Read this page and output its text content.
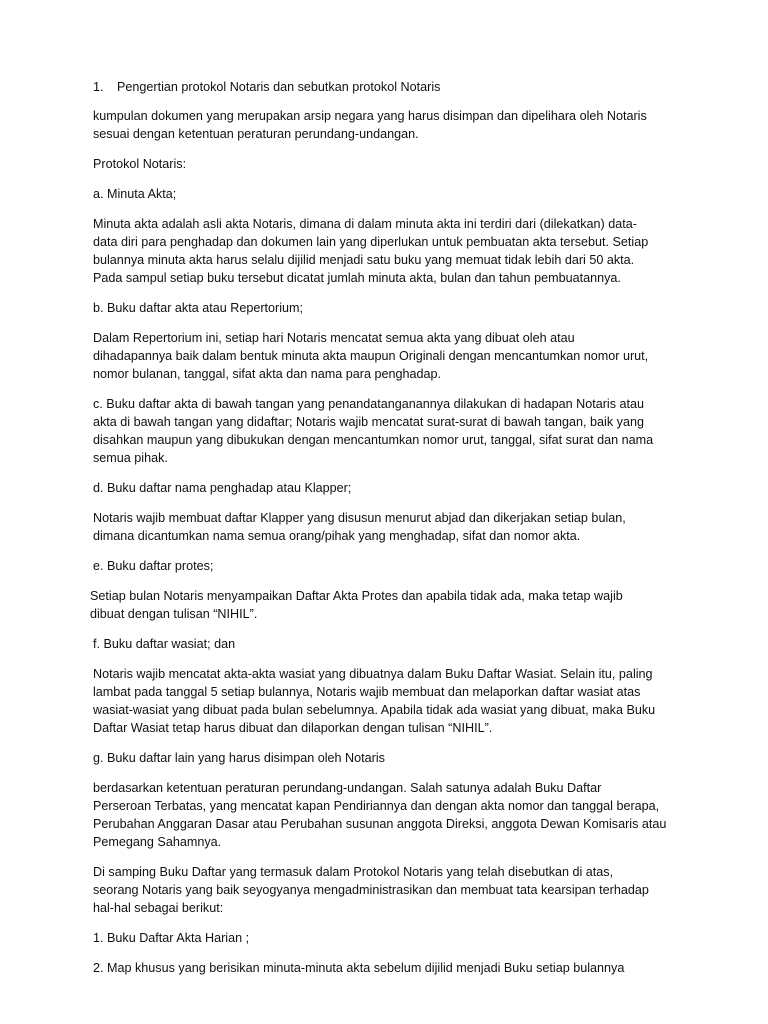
1. Pengertian protokol Notaris dan sebutkan protokol Notaris
kumpulan dokumen yang merupakan arsip negara yang harus disimpan dan dipelihara oleh Notaris
sesuai dengan ketentuan peraturan perundang-undangan.
Protokol Notaris:
a. Minuta Akta;
Minuta akta adalah asli akta Notaris, dimana di dalam minuta akta ini terdiri dari (dilekatkan) data-
data diri para penghadap dan dokumen lain yang diperlukan untuk pembuatan akta tersebut. Setiap
bulannya minuta akta harus selalu dijilid menjadi satu buku yang memuat tidak lebih dari 50 akta.
Pada sampul setiap buku tersebut dicatat jumlah minuta akta, bulan dan tahun pembuatannya.
b. Buku daftar akta atau Repertorium;
Dalam Repertorium ini, setiap hari Notaris mencatat semua akta yang dibuat oleh atau
dihadapannya baik dalam bentuk minuta akta maupun Originali dengan mencantumkan nomor urut,
nomor bulanan, tanggal, sifat akta dan nama para penghadap.
c. Buku daftar akta di bawah tangan yang penandatanganannya dilakukan di hadapan Notaris atau
akta di bawah tangan yang didaftar; Notaris wajib mencatat surat-surat di bawah tangan, baik yang
disahkan maupun yang dibukukan dengan mencantumkan nomor urut, tanggal, sifat surat dan nama
semua pihak.
d. Buku daftar nama penghadap atau Klapper;
Notaris wajib membuat daftar Klapper yang disusun menurut abjad dan dikerjakan setiap bulan,
dimana dicantumkan nama semua orang/pihak yang menghadap, sifat dan nomor akta.
e. Buku daftar protes;
Setiap bulan Notaris menyampaikan Daftar Akta Protes dan apabila tidak ada, maka tetap wajib
dibuat dengan tulisan “NIHIL”.
f. Buku daftar wasiat; dan
Notaris wajib mencatat akta-akta wasiat yang dibuatnya dalam Buku Daftar Wasiat. Selain itu, paling
lambat pada tanggal 5 setiap bulannya, Notaris wajib membuat dan melaporkan daftar wasiat atas
wasiat-wasiat yang dibuat pada bulan sebelumnya. Apabila tidak ada wasiat yang dibuat, maka Buku
Daftar Wasiat tetap harus dibuat dan dilaporkan dengan tulisan “NIHIL”.
g. Buku daftar lain yang harus disimpan oleh Notaris
berdasarkan ketentuan peraturan perundang-undangan. Salah satunya adalah Buku Daftar
Perseroan Terbatas, yang mencatat kapan Pendiriannya dan dengan akta nomor dan tanggal berapa,
Perubahan Anggaran Dasar atau Perubahan susunan anggota Direksi, anggota Dewan Komisaris atau
Pemegang Sahamnya.
Di samping Buku Daftar yang termasuk dalam Protokol Notaris yang telah disebutkan di atas,
seorang Notaris yang baik seyogyanya mengadministrasikan dan membuat tata kearsipan terhadap
hal-hal sebagai berikut:
1. Buku Daftar Akta Harian ;
2. Map khusus yang berisikan minuta-minuta akta sebelum dijilid menjadi Buku setiap bulannya
